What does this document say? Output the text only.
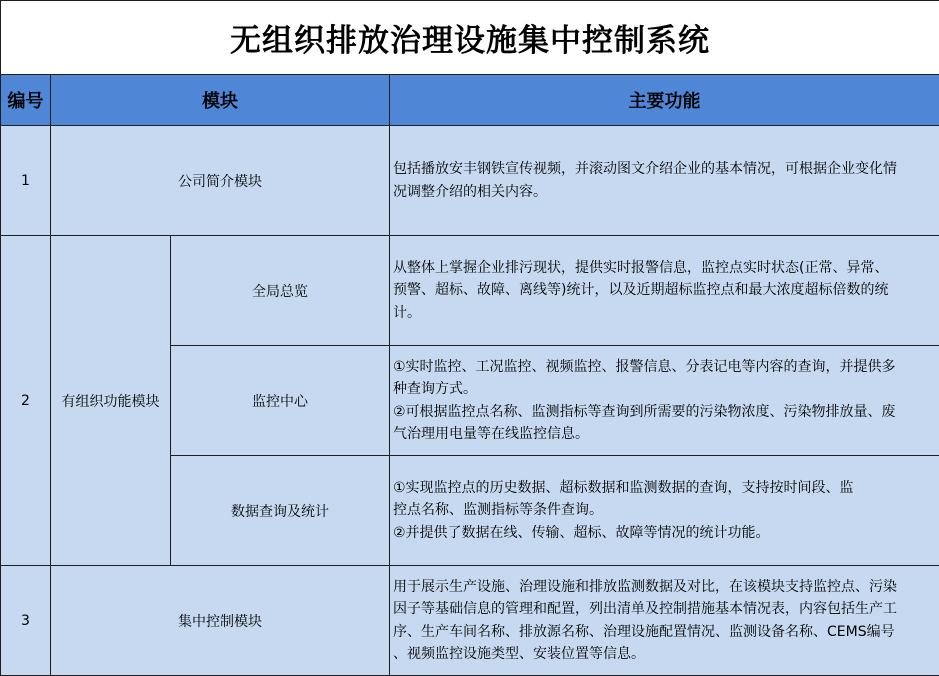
无组织排放治理设施集中控制系统			
编号	模块		主要功能
1	公司简介模块		包括播放安丰钢铁宣传视频，并滚动图文介绍企业的基本情况，可根据企业变化情
况调整介绍的相关内容。

2	有组织功能模块	全局总览	从整体上掌握企业排污现状，提供实时报警信息，监控点实时状态(正常、异常、
预警、超标、故障、离线等)统计，以及近期超标监控点和最大浓度超标倍数的统
计。

		监控中心	①实时监控、工况监控、视频监控、报警信息、分表记电等内容的查询，并提供多
种查询方式。
②可根据监控点名称、监测指标等查询到所需要的污染物浓度、污染物排放量、废
气治理用电量等在线监控信息。

		数据查询及统计	①实现监控点的历史数据、超标数据和监测数据的查询，支持按时间段、监
控点名称、监测指标等条件查询。
②并提供了数据在线、传输、超标、故障等情况的统计功能。

3	集中控制模块		用于展示生产设施、治理设施和排放监测数据及对比，在该模块支持监控点、污染
因子等基础信息的管理和配置，列出清单及控制措施基本情况表，内容包括生产工
序、生产车间名称、排放源名称、治理设施配置情况、监测设备名称、CEMS编号
、视频监控设施类型、安装位置等信息。
